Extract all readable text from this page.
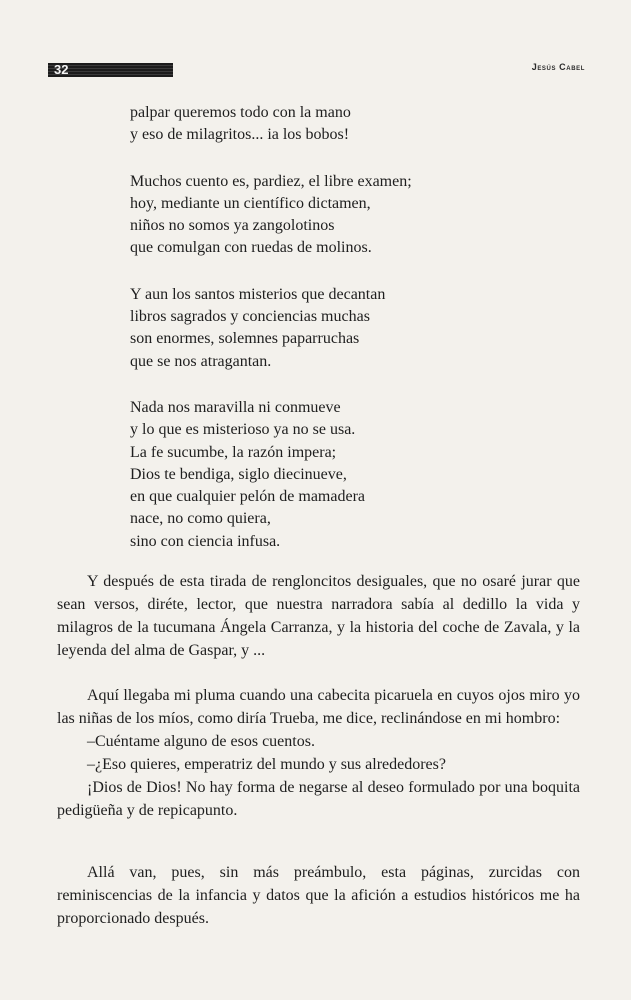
32	Jesús Cabel
palpar queremos todo con la mano
y eso de milagritos... ia los bobos!
Muchos cuento es, pardiez, el libre examen;
hoy, mediante un científico dictamen,
niños no somos ya zangolotinos
que comulgan con ruedas de molinos.
Y aun los santos misterios que decantan
libros sagrados y conciencias muchas
son enormes, solemnes paparruchas
que se nos atragantan.
Nada nos maravilla ni conmueve
y lo que es misterioso ya no se usa.
La fe sucumbe, la razón impera;
Dios te bendiga, siglo diecinueve,
en que cualquier pelón de mamadera
nace, no como quiera,
sino con ciencia infusa.

Y después de esta tirada de rengloncitos desiguales, que no osaré jurar que sean versos, diréte, lector, que nuestra narradora sabía al dedillo la vida y milagros de la tucumana Ángela Carranza, y la historia del coche de Zavala, y la leyenda del alma de Gaspar, y ...

Aquí llegaba mi pluma cuando una cabecita picaruela en cuyos ojos miro yo las niñas de los míos, como diría Trueba, me dice, reclinándose en mi hombro:

–Cuéntame alguno de esos cuentos.

–¿Eso quieres, emperatriz del mundo y sus alrededores?

¡Dios de Dios! No hay forma de negarse al deseo formulado por una boquita pedigüeña y de repicapunto.

Allá van, pues, sin más preámbulo, esta páginas, zurcidas con reminiscencias de la infancia y datos que la afición a estudios históricos me ha proporcionado después.
